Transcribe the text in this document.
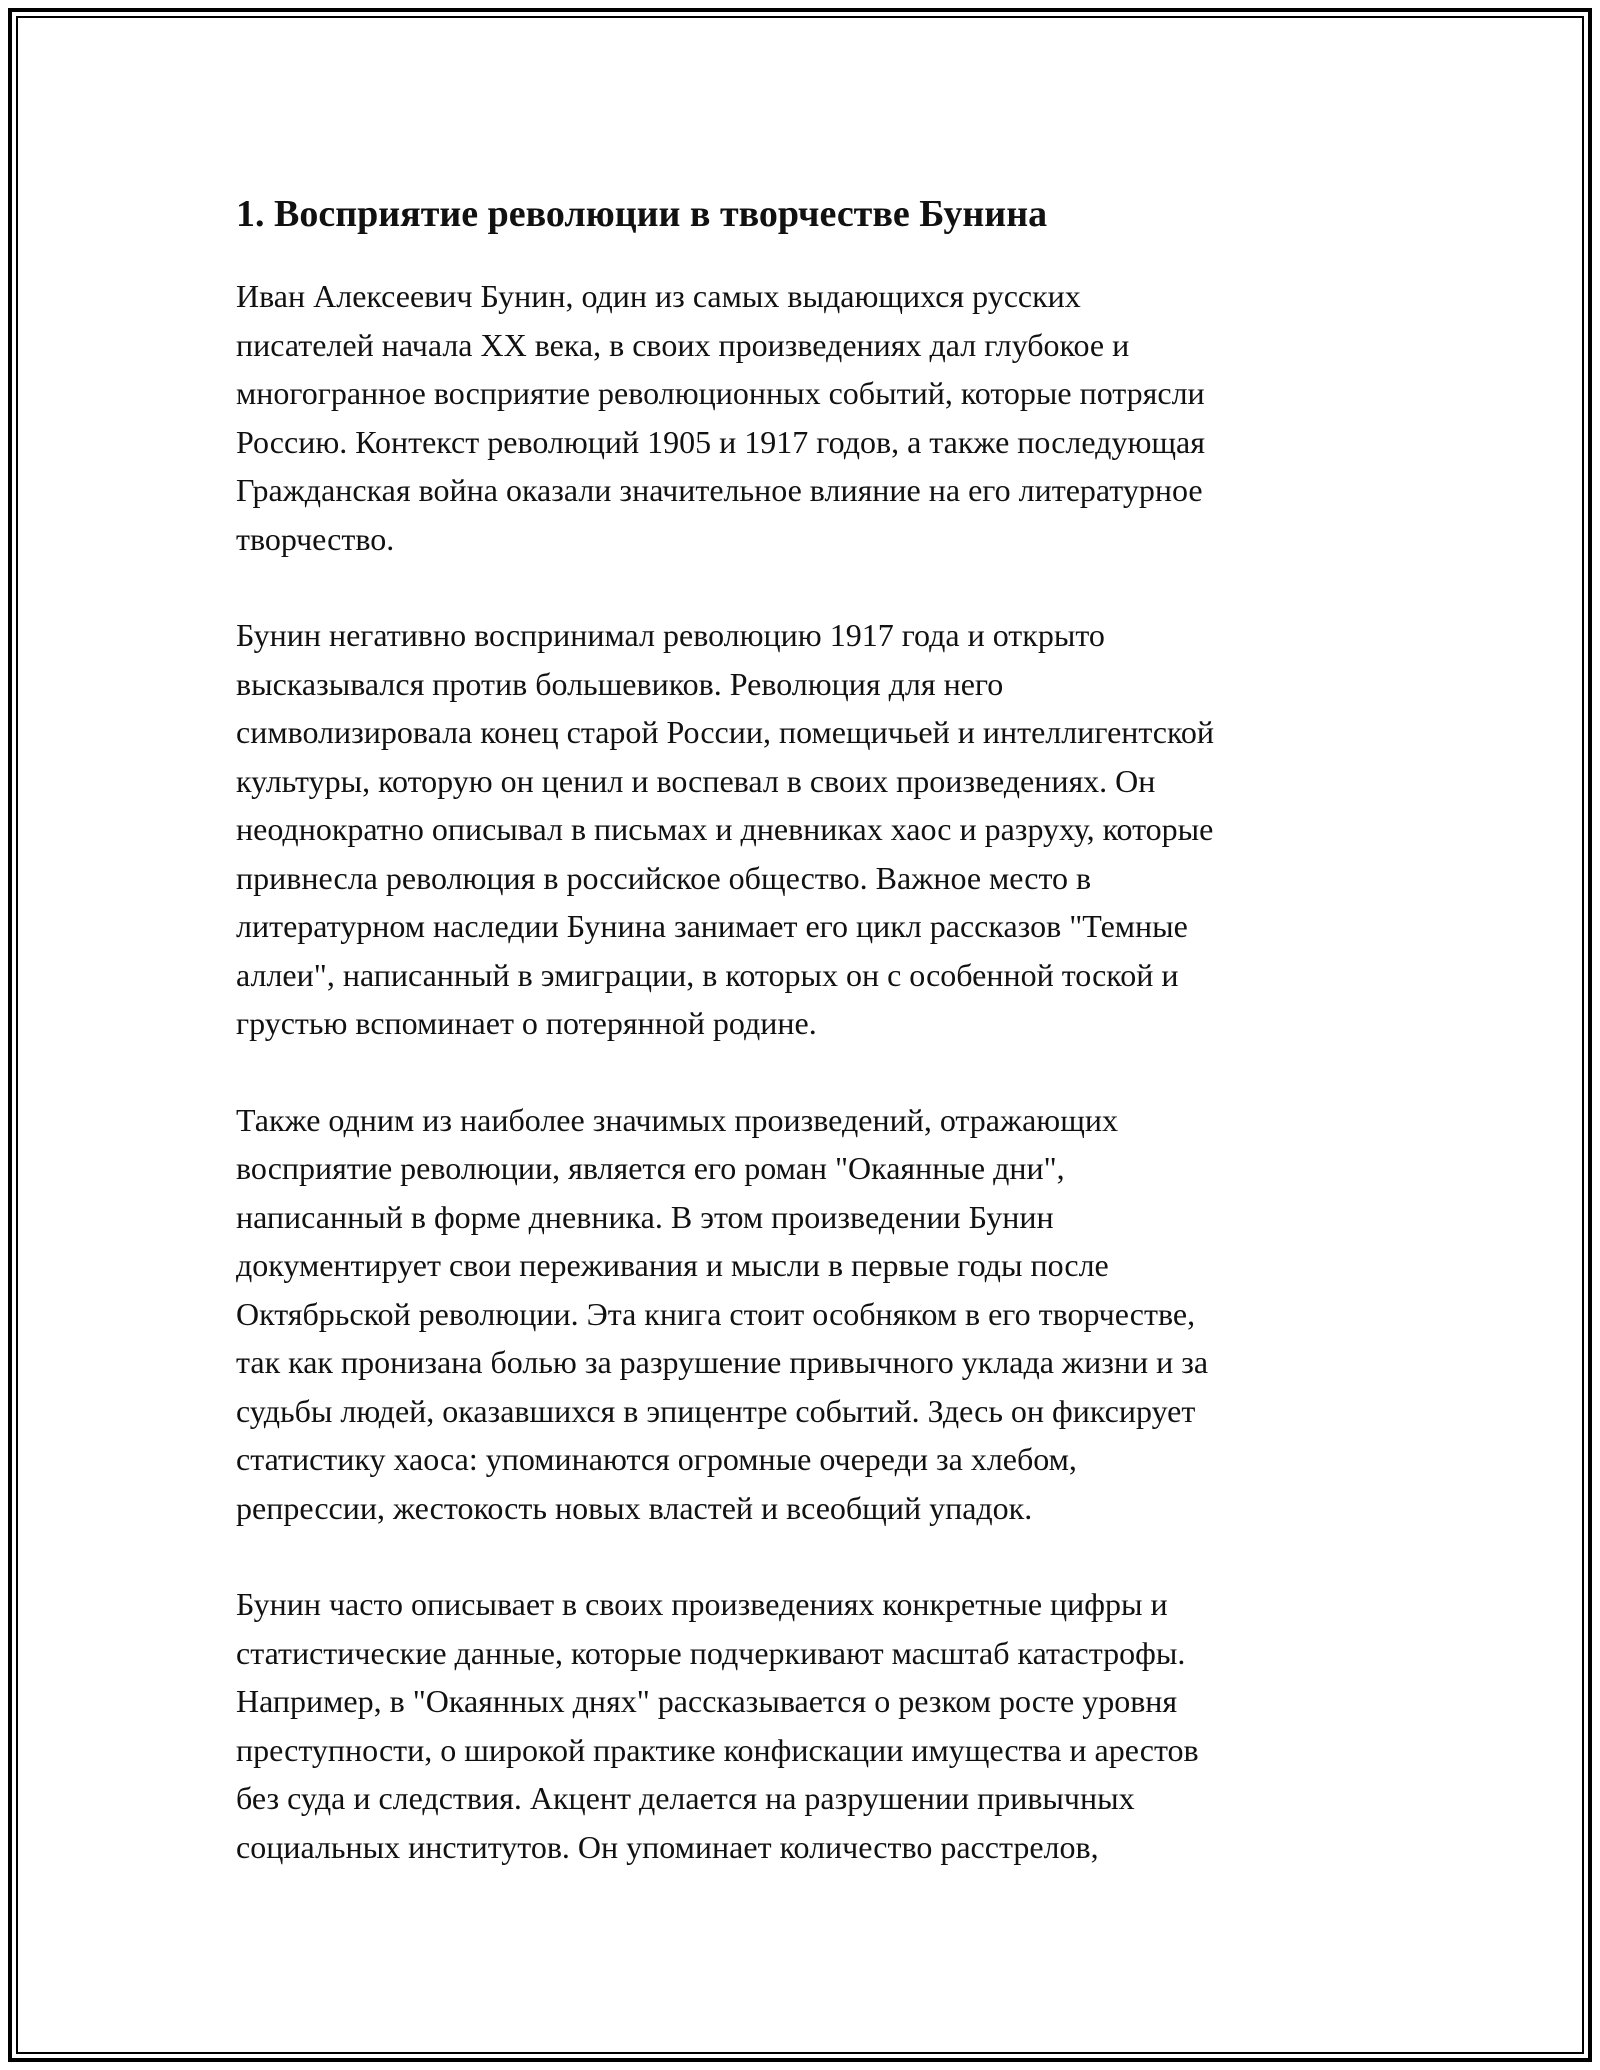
1. Восприятие революции в творчестве Бунина

Иван Алексеевич Бунин, один из самых выдающихся русских
писателей начала XX века, в своих произведениях дал глубокое и
многогранное восприятие революционных событий, которые потрясли
Россию. Контекст революций 1905 и 1917 годов, а также последующая
Гражданская война оказали значительное влияние на его литературное
творчество.

Бунин негативно воспринимал революцию 1917 года и открыто
высказывался против большевиков. Революция для него
символизировала конец старой России, помещичьей и интеллигентской
культуры, которую он ценил и воспевал в своих произведениях. Он
неоднократно описывал в письмах и дневниках хаос и разруху, которые
привнесла революция в российское общество. Важное место в
литературном наследии Бунина занимает его цикл рассказов "Темные
аллеи", написанный в эмиграции, в которых он с особенной тоской и
грустью вспоминает о потерянной родине.

Также одним из наиболее значимых произведений, отражающих
восприятие революции, является его роман "Окаянные дни",
написанный в форме дневника. В этом произведении Бунин
документирует свои переживания и мысли в первые годы после
Октябрьской революции. Эта книга стоит особняком в его творчестве,
так как пронизана болью за разрушение привычного уклада жизни и за
судьбы людей, оказавшихся в эпицентре событий. Здесь он фиксирует
статистику хаоса: упоминаются огромные очереди за хлебом,
репрессии, жестокость новых властей и всеобщий упадок.

Бунин часто описывает в своих произведениях конкретные цифры и
статистические данные, которые подчеркивают масштаб катастрофы.
Например, в "Окаянных днях" рассказывается о резком росте уровня
преступности, о широкой практике конфискации имущества и арестов
без суда и следствия. Акцент делается на разрушении привычных
социальных институтов. Он упоминает количество расстрелов,
